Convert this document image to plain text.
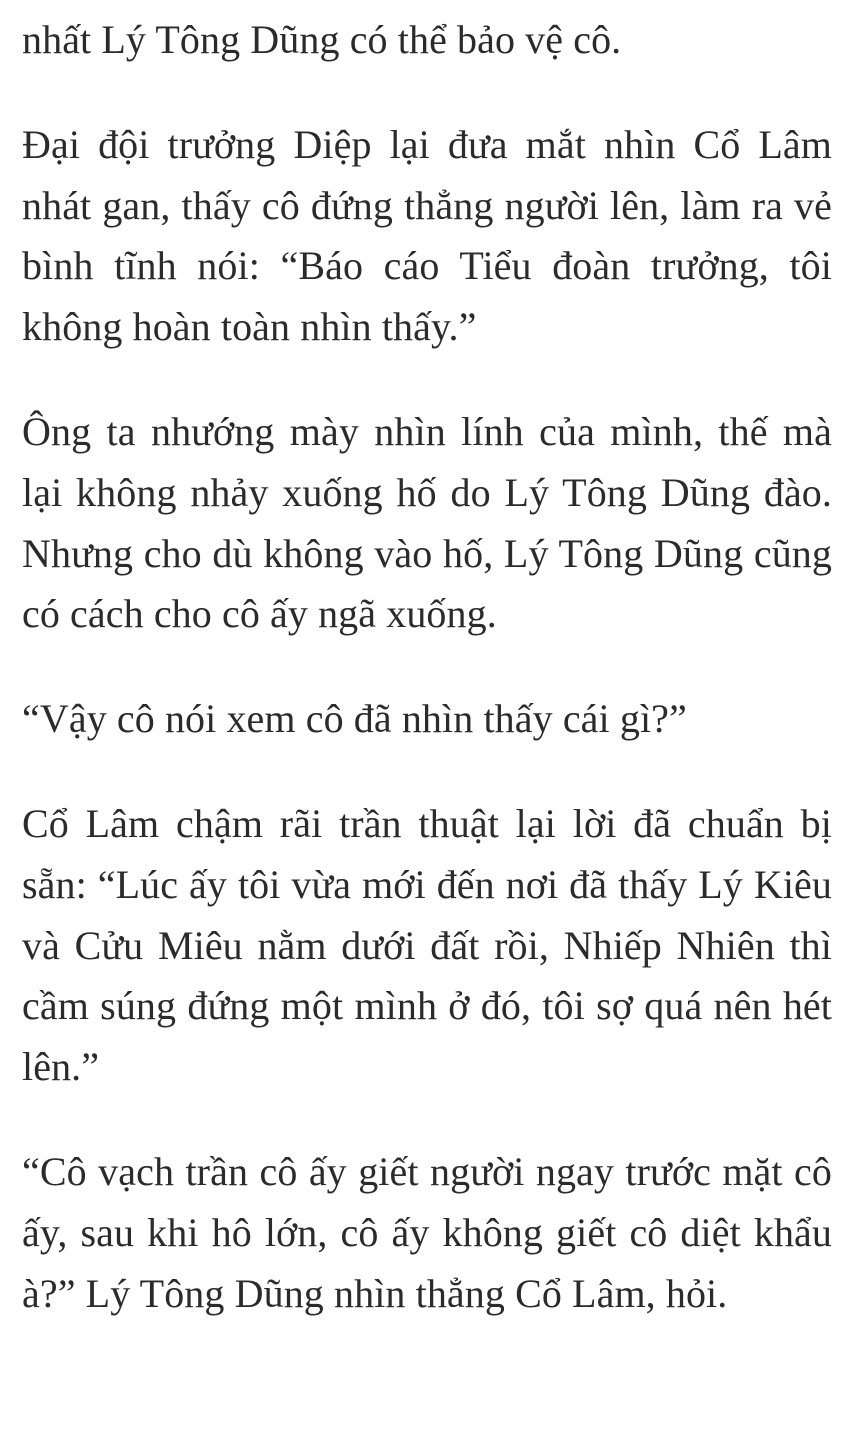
nhất Lý Tông Dũng có thể bảo vệ cô.

Đại đội trưởng Diệp lại đưa mắt nhìn Cổ Lâm nhát gan, thấy cô đứng thẳng người lên, làm ra vẻ bình tĩnh nói: “Báo cáo Tiểu đoàn trưởng, tôi không hoàn toàn nhìn thấy.”

Ông ta nhướng mày nhìn lính của mình, thế mà lại không nhảy xuống hố do Lý Tông Dũng đào. Nhưng cho dù không vào hố, Lý Tông Dũng cũng có cách cho cô ấy ngã xuống.

“Vậy cô nói xem cô đã nhìn thấy cái gì?”

Cổ Lâm chậm rãi trần thuật lại lời đã chuẩn bị sẵn: “Lúc ấy tôi vừa mới đến nơi đã thấy Lý Kiêu và Cửu Miêu nằm dưới đất rồi, Nhiếp Nhiên thì cầm súng đứng một mình ở đó, tôi sợ quá nên hét lên.”

“Cô vạch trần cô ấy giết người ngay trước mặt cô ấy, sau khi hô lớn, cô ấy không giết cô diệt khẩu à?” Lý Tông Dũng nhìn thẳng Cổ Lâm, hỏi.
